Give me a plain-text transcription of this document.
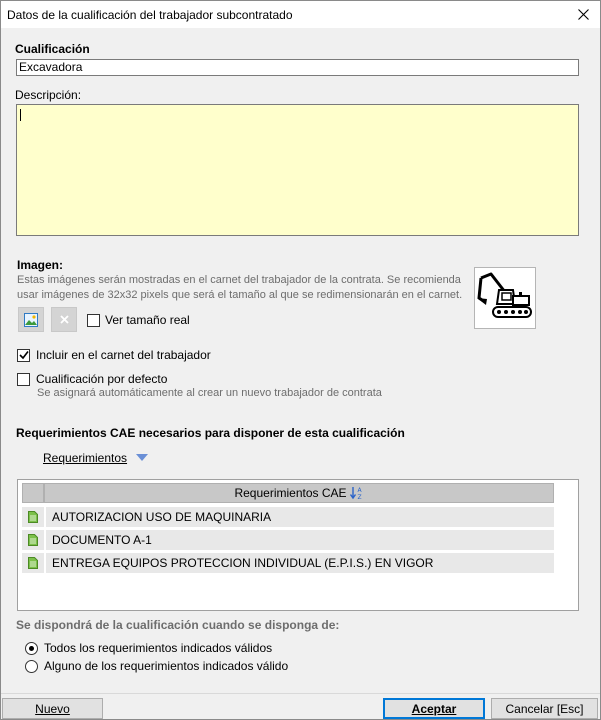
Datos de la cualificación del trabajador subcontratado
Cualificación
Excavadora
Descripción:
Imagen:
Estas imágenes serán mostradas en el carnet del trabajador de la contrata. Se recomienda
usar imágenes de 32x32 pixels que será el tamaño al que se redimensionarán en el carnet.
Ver tamaño real
Incluir en el carnet del trabajador
Cualificación por defecto
Se asignará automáticamente al crear un nuevo trabajador de contrata
Requerimientos CAE necesarios para disponer de esta cualificación
Requerimientos
Requerimientos CAE A
Z
AUTORIZACION USO DE MAQUINARIA
DOCUMENTO A-1
ENTREGA EQUIPOS PROTECCION INDIVIDUAL (E.P.I.S.) EN VIGOR
Se dispondrá de la cualificación cuando se disponga de:
Todos los requerimientos indicados válidos
Alguno de los requerimientos indicados válido
Nuevo	Aceptar	Cancelar [Esc]
